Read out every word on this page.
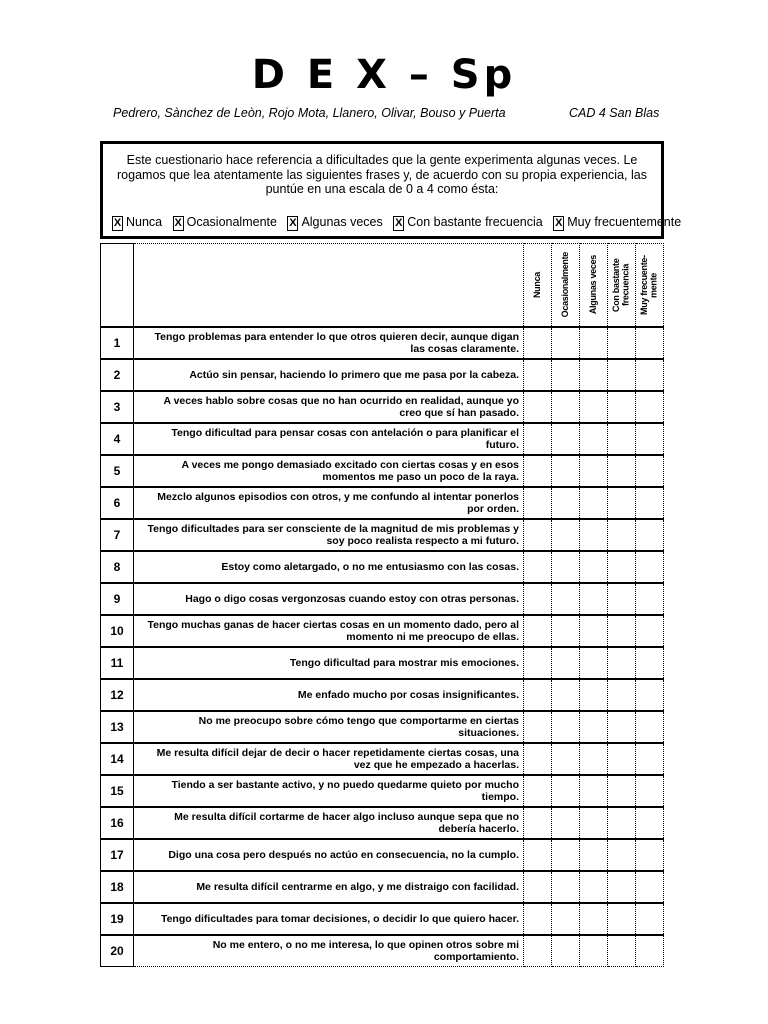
D E X – Sp
Pedrero, Sànchez de Leòn, Rojo Mota, Llanero, Olivar, Bouso y Puerta	CAD 4 San Blas
Este cuestionario hace referencia a dificultades que la gente experimenta algunas veces. Le rogamos que lea atentamente las siguientes frases y, de acuerdo con su propia experiencia, las puntúe en una escala de 0 a 4 como ésta:
X Nunca X Ocasionalmente X Algunas veces X Con bastante frecuencia X Muy frecuentemente

		Nunca	Ocasionalmente	Algunas veces	Con bastante frecuencia	Muy frecuente-mente

1	Tengo problemas para entender lo que otros quieren decir, aunque digan las cosas claramente.					
2	Actúo sin pensar, haciendo lo primero que me pasa por la cabeza.					
3	A veces hablo sobre cosas que no han ocurrido en realidad, aunque yo creo que sí han pasado.					
4	Tengo dificultad para pensar cosas con antelación o para planificar el futuro.					
5	A veces me pongo demasiado excitado con ciertas cosas y en esos momentos me paso un poco de la raya.					
6	Mezclo algunos episodios con otros, y me confundo al intentar ponerlos por orden.					
7	Tengo dificultades para ser consciente de la magnitud de mis problemas y soy poco realista respecto a mi futuro.					
8	Estoy como aletargado, o no me entusiasmo con las cosas.					
9	Hago o digo cosas vergonzosas cuando estoy con otras personas.					
10	Tengo muchas ganas de hacer ciertas cosas en un momento dado, pero al momento ni me preocupo de ellas.					
11	Tengo dificultad para mostrar mis emociones.					
12	Me enfado mucho por cosas insignificantes.					
13	No me preocupo sobre cómo tengo que comportarme en ciertas situaciones.					
14	Me resulta difícil dejar de decir o hacer repetidamente ciertas cosas, una vez que he empezado a hacerlas.					
15	Tiendo a ser bastante activo, y no puedo quedarme quieto por mucho tiempo.					
16	Me resulta difícil cortarme de hacer algo incluso aunque sepa que no debería hacerlo.					
17	Digo una cosa pero después no actúo en consecuencia, no la cumplo.					
18	Me resulta difícil centrarme en algo, y me distraigo con facilidad.					
19	Tengo dificultades para tomar decisiones, o decidir lo que quiero hacer.					
20	No me entero, o no me interesa, lo que opinen otros sobre mi comportamiento.					
